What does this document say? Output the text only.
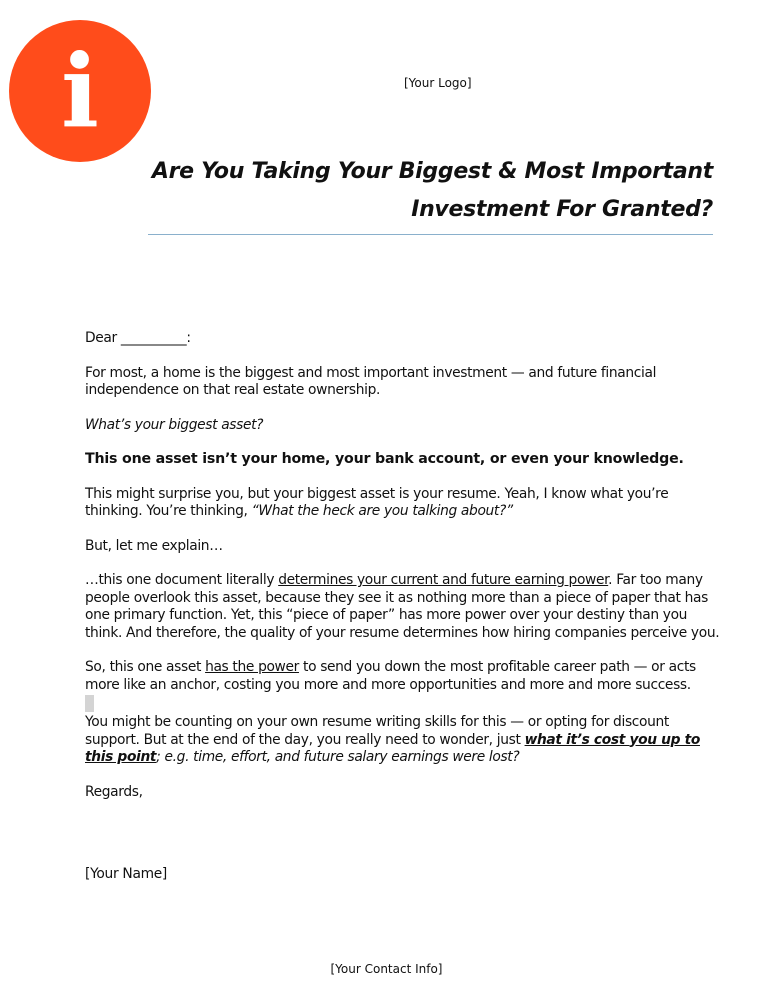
i	[Your Logo]
Are You Taking Your Biggest & Most Important
Investment For Granted?

Dear __________:

For most, a home is the biggest and most important investment — and future financial independence on that real estate ownership.

What’s your biggest asset?

This one asset isn’t your home, your bank account, or even your knowledge.

This might surprise you, but your biggest asset is your resume. Yeah, I know what you’re thinking. You’re thinking, “What the heck are you talking about?”

But, let me explain…

…this one document literally determines your current and future earning power. Far too many people overlook this asset, because they see it as nothing more than a piece of paper that has one primary function. Yet, this “piece of paper” has more power over your destiny than you think. And therefore, the quality of your resume determines how hiring companies perceive you.

So, this one asset has the power to send you down the most profitable career path — or acts more like an anchor, costing you more and more opportunities and more and more success.

You might be counting on your own resume writing skills for this — or opting for discount support. But at the end of the day, you really need to wonder, just what it’s cost you up to this point; e.g. time, effort, and future salary earnings were lost?

Regards,

[Your Name]
[Your Contact Info]
